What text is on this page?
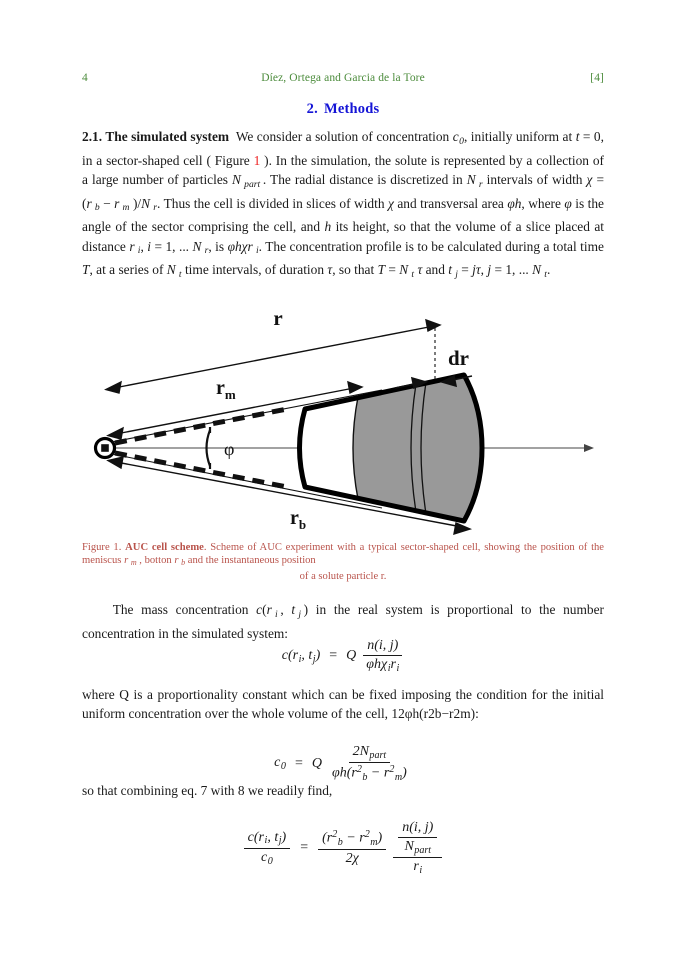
4	Díez, Ortega and Garcia de la Tore	[4]
2. Methods
2.1. The simulated system We consider a solution of concentration $c_0$, initially uniform at t = 0, in a sector-shaped cell ( Figure 1 ). In the simulation, the solute is represented by a collection of a large number of particles N  $_{part}$  . The radial distance is discretized in N  $_r$ intervals of width χ = (r  $_b$ − r  $_m$ )/N  $_r$. Thus the cell is divided in slices of width χ and transversal area φh, where φ is the angle of the sector comprising the cell, and h its height, so that the volume of a slice placed at distance r  $_i$, i = 1, ... N  $_r$, is φhχr  $_i$. The concentration profile is to be calculated during a total time T, at a series of N  $_t$ time intervals, of duration τ, so that T = N  $_t$ τ and t  $_j$ = jτ, j = 1, ... N  $_t$.
φ
r
dr
$r_m$
$r_b$
Figure 1. AUC cell scheme. Scheme of AUC experiment with a typical sector-shaped cell, showing the position of the meniscus r  $_m$ , botton r  $_b$ and the instantaneous position
of a solute particle r.
The mass concentration c(r  $_i$ , t  $_j$ ) in the real system is proportional to the number concentration in the simulated system:
$c(r_i$, $t_j) = Q \frac{n(i, j)}{\varphi h\chi_ir_i}$
where Q is a proportionality constant which can be fixed imposing the condition for the initial uniform concentration over the whole volume of the cell, 12φh(r2b−r2m):
$c_0 = Q \frac{2N_{part}}{\varphi h(r^2_b - r^2_m)}$
so that combining eq. 7 with 8 we readily find,
$\frac{c(r_i, t_j)}{c_0} = \frac{(r^2_b - r^2_m)}{2\chi} \frac{\frac{n(i, j)}{N_{part}}}{r_i}$
